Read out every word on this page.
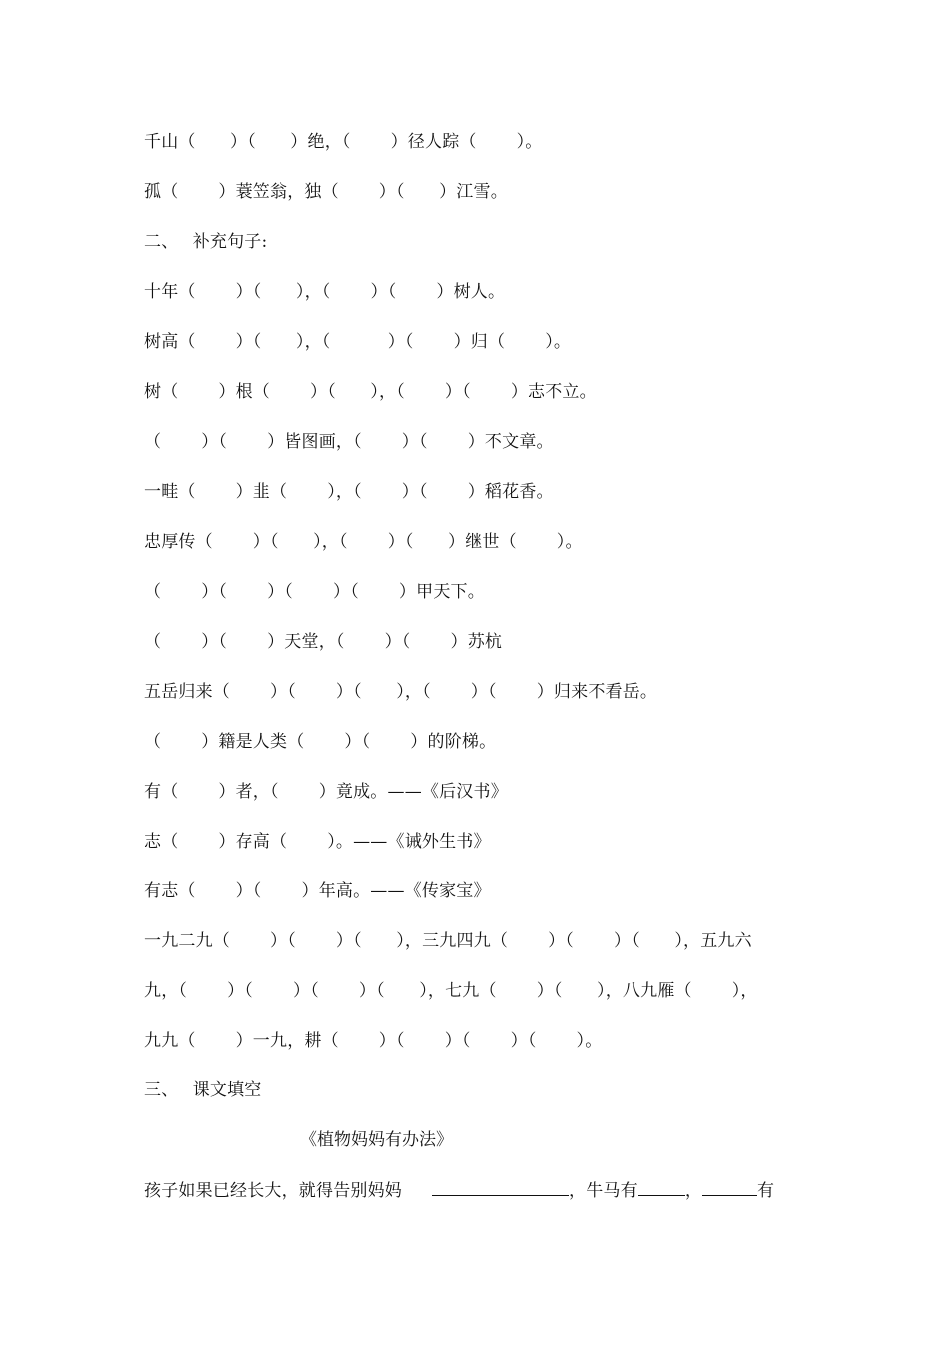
千山（　　）（　　）绝，（　　 ）径人踪（　　 ）。
孤（　　 ）蓑笠翁，独（　　 ）（　　）江雪。
二、　 补充句子:
十年（　　 ）（　　），（　　 ）（　　 ）树人。
树高（　　 ）（　　），（　　　 ）（　　 ）归（　　 ）。
树（　　 ）根（　　 ）（　　），（　　 ）（　　 ）志不立。
（　　 ）（　　 ）皆图画，（　　 ）（　　 ）不文章。
一畦（　　 ）韭（　　 ），（　　 ）（　　 ）稻花香。
忠厚传（　　 ）（　　），（　　 ）（　　）继世（　　 ）。
（　　 ）（　　 ）（　　 ）（　　 ）甲天下。
（　　 ）（　　 ）天堂，（　　 ）（　　 ）苏杭
五岳归来（　　 ）（　　 ）（　　），（　　 ）（　　 ）归来不看岳。
（　　 ）籍是人类（　　 ）（　　 ）的阶梯。
有（　　 ）者，（　　 ）竟成。——《后汉书》
志（　　 ）存高（　　 ）。——《诫外生书》
有志（　　 ）（　　 ）年高。——《传家宝》
一九二九（　　 ）（　　 ）（　　），三九四九（　　 ）（　　 ）（　　），五九六
九，（　　 ）（　　 ）（　　 ）（　　），七九（　　 ）（　　），八九雁（　　 ），
九九（　　 ）一九，耕（　　 ）（　　 ）（　　 ）（　　 ）。
三、　 课文填空
《植物妈妈有办法》
孩子如果已经长大，就得告别妈妈	，牛马有	，	有
